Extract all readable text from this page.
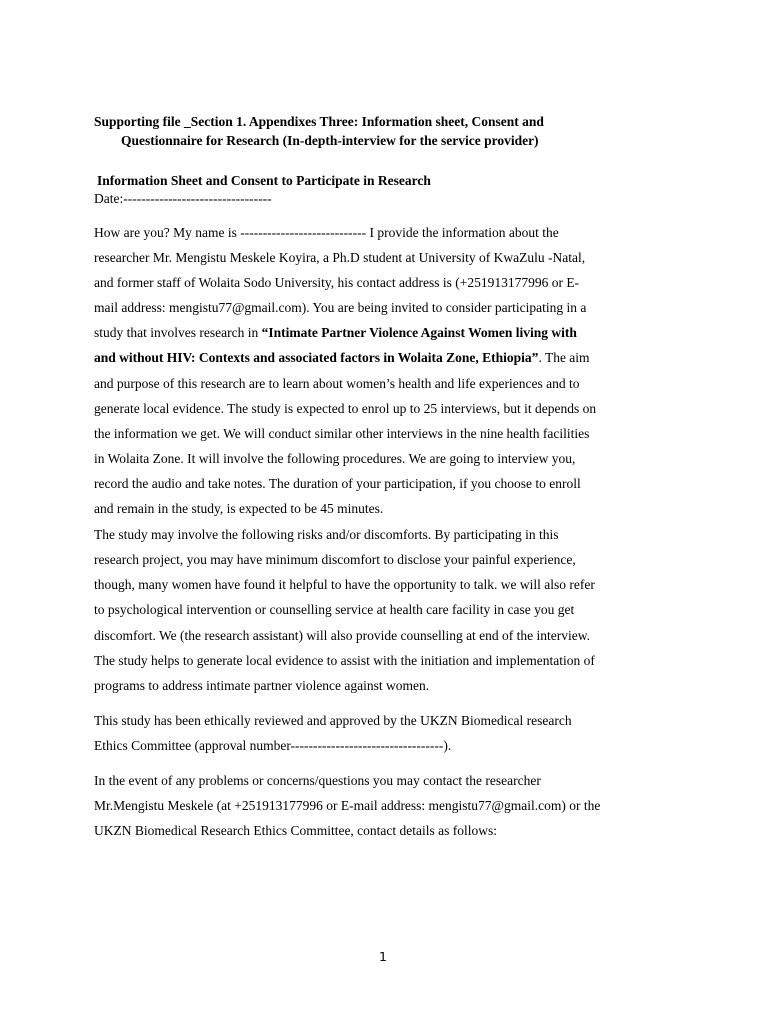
Supporting file _Section 1. Appendixes Three: Information sheet, Consent and
Questionnaire for Research (In-depth-interview for the service provider)
Information Sheet and Consent to Participate in Research
Date:---------------------------------
How are you? My name is ---------------------------- I provide the information about the
researcher Mr. Mengistu Meskele Koyira, a Ph.D student at University of KwaZulu -Natal,
and former staff of Wolaita Sodo University, his contact address is (+251913177996 or E-
mail address: mengistu77@gmail.com). You are being invited to consider participating in a
study that involves research in “Intimate Partner Violence Against Women living with
and without HIV: Contexts and associated factors in Wolaita Zone, Ethiopia”. The aim
and purpose of this research are to learn about women’s health and life experiences and to
generate local evidence. The study is expected to enrol up to 25 interviews, but it depends on
the information we get. We will conduct similar other interviews in the nine health facilities
in Wolaita Zone. It will involve the following procedures. We are going to interview you,
record the audio and take notes. The duration of your participation, if you choose to enroll
and remain in the study, is expected to be 45 minutes.
The study may involve the following risks and/or discomforts. By participating in this
research project, you may have minimum discomfort to disclose your painful experience,
though, many women have found it helpful to have the opportunity to talk. we will also refer
to psychological intervention or counselling service at health care facility in case you get
discomfort. We (the research assistant) will also provide counselling at end of the interview.
The study helps to generate local evidence to assist with the initiation and implementation of
programs to address intimate partner violence against women.
This study has been ethically reviewed and approved by the UKZN Biomedical research
Ethics Committee (approval number----------------------------------).
In the event of any problems or concerns/questions you may contact the researcher
Mr.Mengistu Meskele (at +251913177996 or E-mail address: mengistu77@gmail.com) or the
UKZN Biomedical Research Ethics Committee, contact details as follows:
1
